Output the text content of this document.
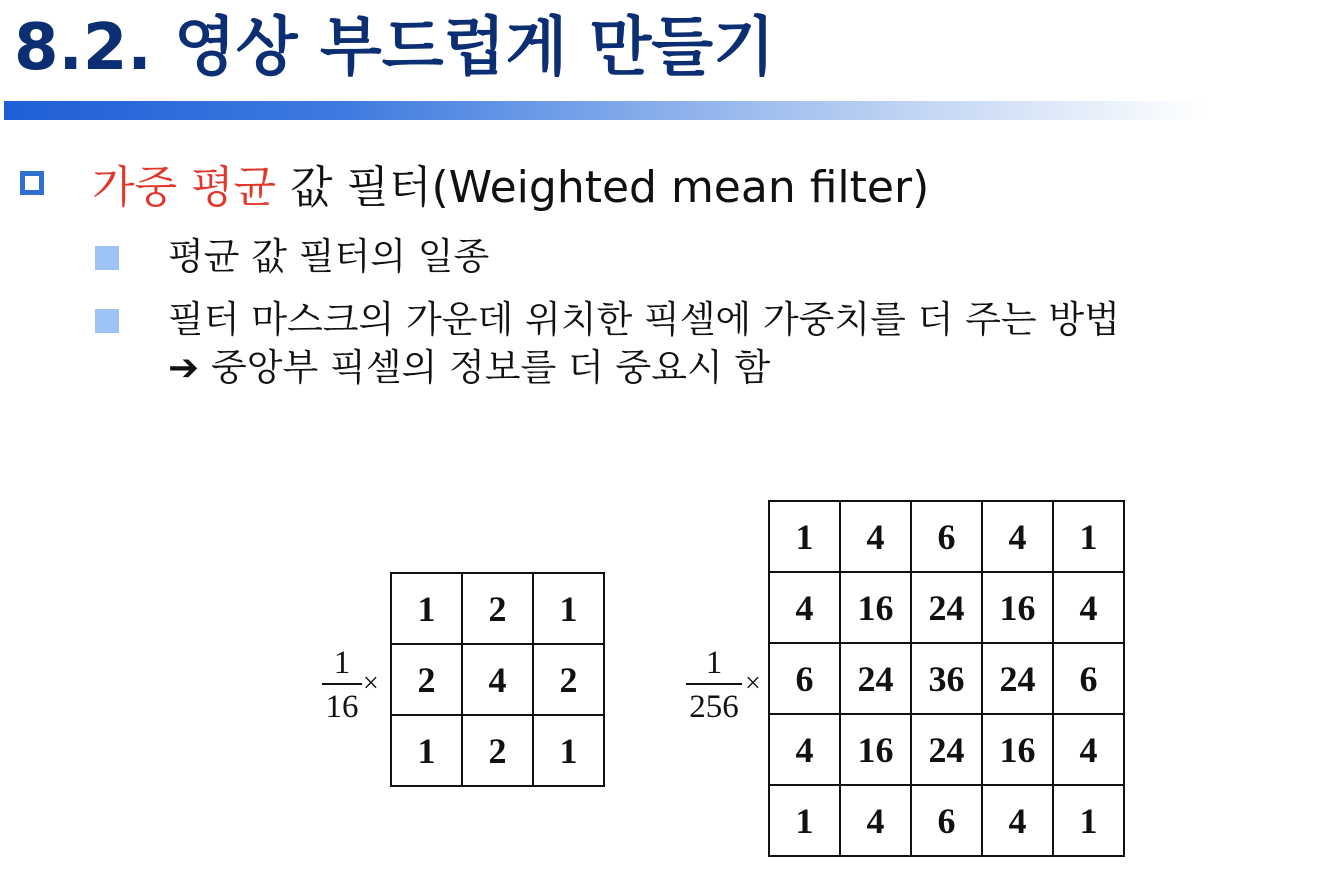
8.2. 영상 부드럽게 만들기
가중 평균 값 필터(Weighted mean filter)
평균 값 필터의 일종
필터 마스크의 가운데 위치한 픽셀에 가중치를 더 주는 방법
➔ 중앙부 픽셀의 정보를 더 중요시 함
1
16
×
1	2	1
2	4	2
1	2	1
1
256
×
1	4	6	4	1
4	16	24	16	4
6	24	36	24	6
4	16	24	16	4
1	4	6	4	1
